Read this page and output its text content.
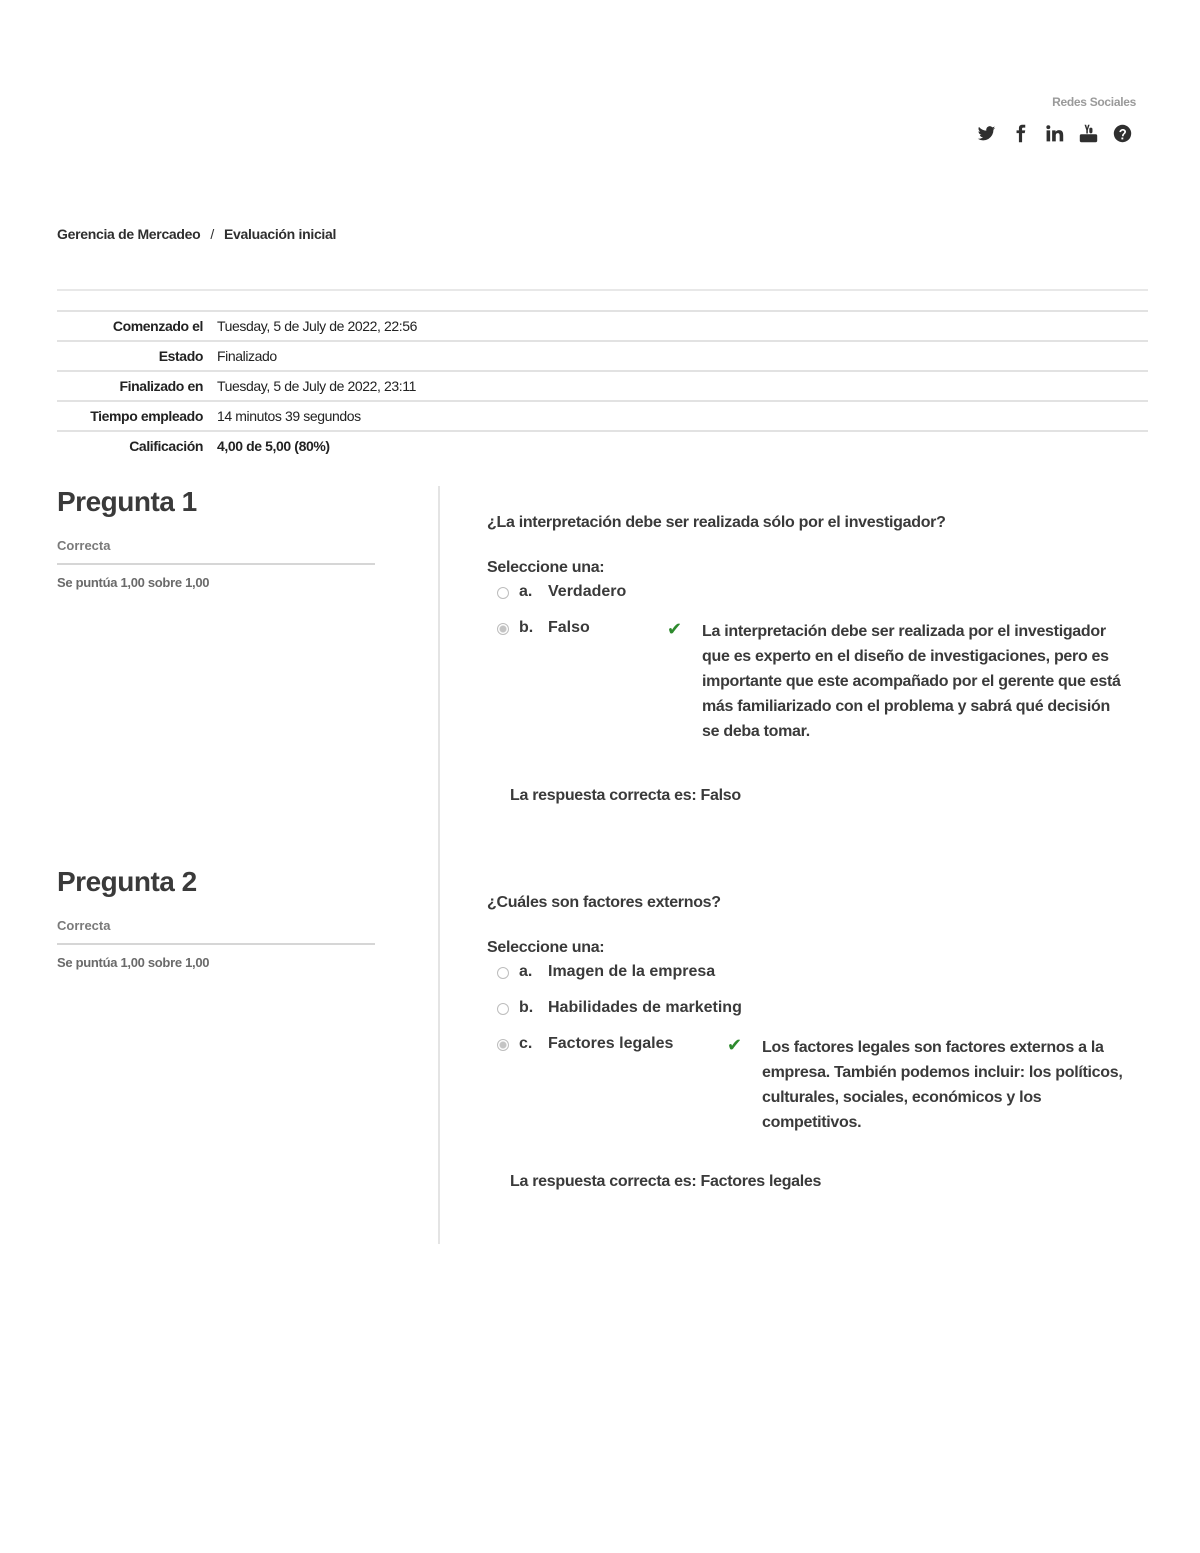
Redes Sociales
Gerencia de Mercadeo / Evaluación inicial
Comenzado el	Tuesday, 5 de July de 2022, 22:56
Estado	Finalizado
Finalizado en	Tuesday, 5 de July de 2022, 23:11
Tiempo empleado	14 minutos 39 segundos
Calificación	4,00 de 5,00 (80%)
Pregunta 1
Correcta
Se puntúa 1,00 sobre 1,00
¿La interpretación debe ser realizada sólo por el investigador?
Seleccione una:
a. Verdadero
b. Falso	✔ La interpretación debe ser realizada por el investigador que es experto en el diseño de investigaciones, pero es importante que este acompañado por el gerente que está más familiarizado con el problema y sabrá qué decisión se deba tomar.
La respuesta correcta es: Falso
Pregunta 2
Correcta
Se puntúa 1,00 sobre 1,00
¿Cuáles son factores externos?
Seleccione una:
a. Imagen de la empresa
b. Habilidades de marketing
c. Factores legales	✔ Los factores legales son factores externos a la empresa. También podemos incluir: los políticos, culturales, sociales, económicos y los competitivos.
La respuesta correcta es: Factores legales
